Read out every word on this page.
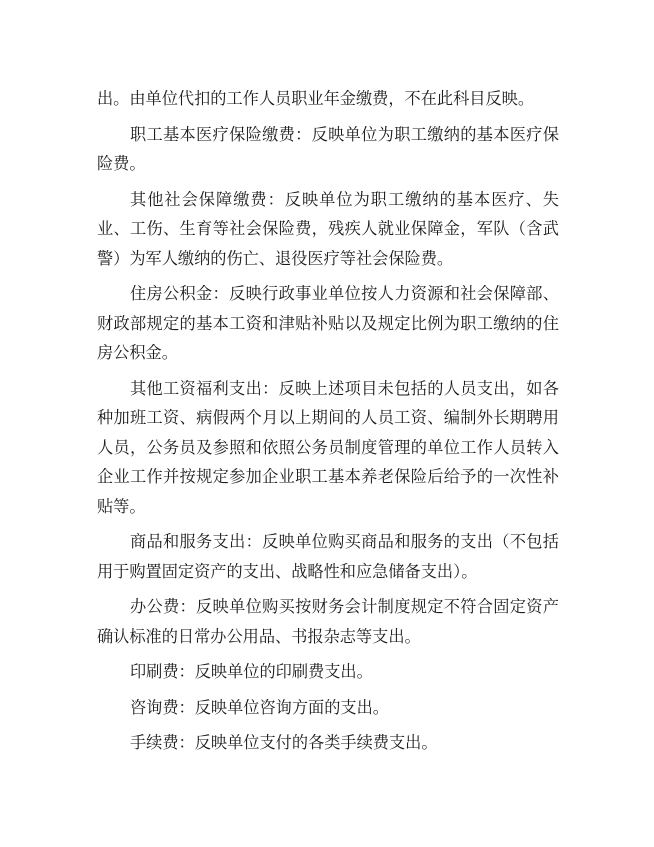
出。由单位代扣的工作人员职业年金缴费，不在此科目反映。

职工基本医疗保险缴费：反映单位为职工缴纳的基本医疗保险费。

其他社会保障缴费：反映单位为职工缴纳的基本医疗、失业、工伤、生育等社会保险费，残疾人就业保障金，军队（含武警）为军人缴纳的伤亡、退役医疗等社会保险费。

住房公积金：反映行政事业单位按人力资源和社会保障部、财政部规定的基本工资和津贴补贴以及规定比例为职工缴纳的住房公积金。

其他工资福利支出：反映上述项目未包括的人员支出，如各种加班工资、病假两个月以上期间的人员工资、编制外长期聘用人员，公务员及参照和依照公务员制度管理的单位工作人员转入企业工作并按规定参加企业职工基本养老保险后给予的一次性补贴等。

商品和服务支出：反映单位购买商品和服务的支出（不包括用于购置固定资产的支出、战略性和应急储备支出）。

办公费：反映单位购买按财务会计制度规定不符合固定资产确认标准的日常办公用品、书报杂志等支出。

印刷费：反映单位的印刷费支出。

咨询费：反映单位咨询方面的支出。

手续费：反映单位支付的各类手续费支出。
